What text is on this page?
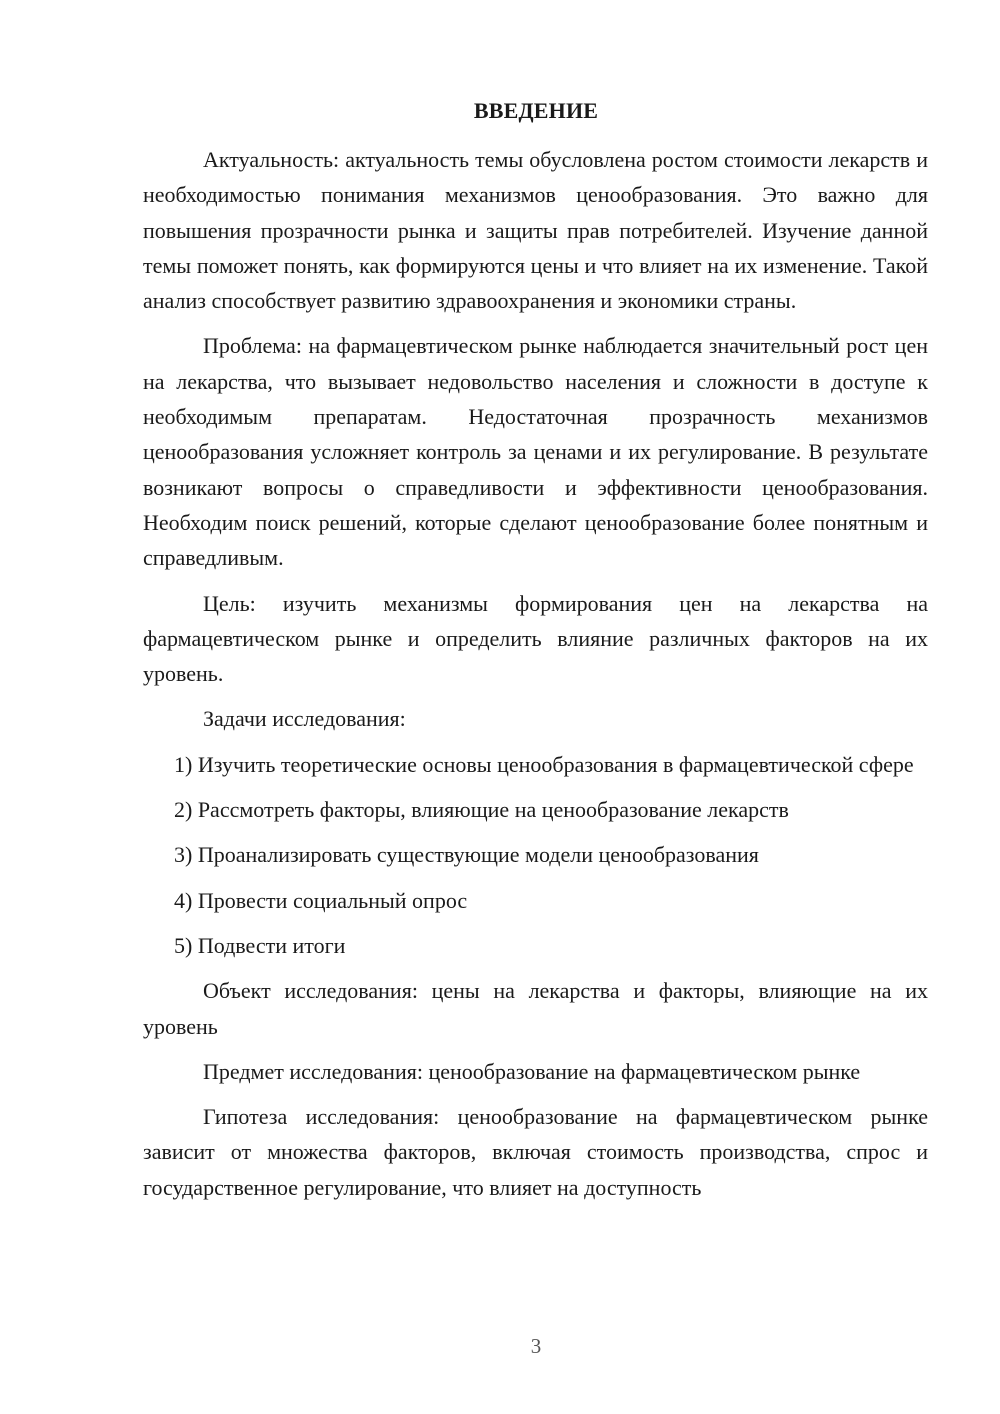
ВВЕДЕНИЕ

Актуальность: актуальность темы обусловлена ростом стоимости лекарств и необходимостью понимания механизмов ценообразования. Это важно для повышения прозрачности рынка и защиты прав потребителей. Изучение данной темы поможет понять, как формируются цены и что влияет на их изменение. Такой анализ способствует развитию здравоохранения и экономики страны.

Проблема: на фармацевтическом рынке наблюдается значительный рост цен на лекарства, что вызывает недовольство населения и сложности в доступе к необходимым препаратам. Недостаточная прозрачность механизмов ценообразования усложняет контроль за ценами и их регулирование. В результате возникают вопросы о справедливости и эффективности ценообразования. Необходим поиск решений, которые сделают ценообразование более понятным и справедливым.

Цель: изучить механизмы формирования цен на лекарства на фармацевтическом рынке и определить влияние различных факторов на их уровень.

Задачи исследования:

1) Изучить теоретические основы ценообразования в фармацевтической сфере

2) Рассмотреть факторы, влияющие на ценообразование лекарств

3) Проанализировать существующие модели ценообразования

4) Провести социальный опрос

5) Подвести итоги

Объект исследования: цены на лекарства и факторы, влияющие на их уровень

Предмет исследования: ценообразование на фармацевтическом рынке

Гипотеза исследования: ценообразование на фармацевтическом рынке зависит от множества факторов, включая стоимость производства, спрос и государственное регулирование, что влияет на доступность

3
